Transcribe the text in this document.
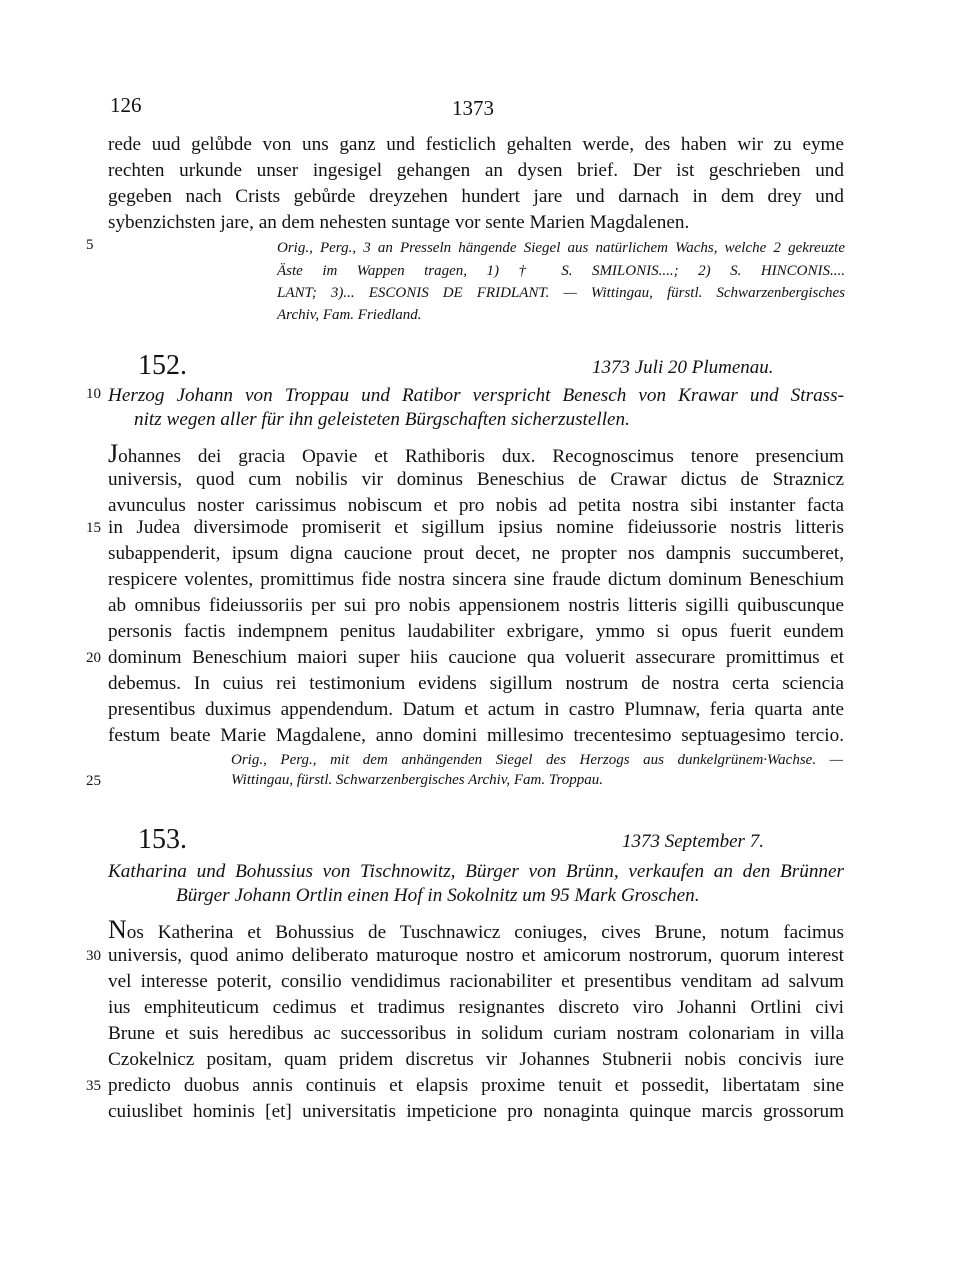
126	1373
rede uud gelůbde von uns ganz und festiclich gehalten werde, des haben wir zu eyme
rechten urkunde unser ingesigel gehangen an dysen brief. Der ist geschrieben und
gegeben nach Crists gebůrde dreyzehen hundert jare und darnach in dem drey und
sybenzichsten jare, an dem nehesten suntage vor sente Marien Magdalenen.
5	Orig., Perg., 3 an Presseln hängende Siegel aus natürlichem Wachs, welche 2 gekreuzte
Äste im Wappen tragen, 1) † S. SMILONIS....; 2) S. HINCONIS....
LANT; 3)... ESCONIS DE FRIDLANT. — Wittingau, fürstl. Schwarzenbergisches
Archiv, Fam. Friedland.
152.	1373 Juli 20 Plumenau.
10 Herzog Johann von Troppau und Ratibor verspricht Benesch von Krawar und Strass-
nitz wegen aller für ihn geleisteten Bürgschaften sicherzustellen.
Johannes dei gracia Opavie et Rathiboris dux. Recognoscimus tenore presencium
universis, quod cum nobilis vir dominus Beneschius de Crawar dictus de Straznicz
avunculus noster carissimus nobiscum et pro nobis ad petita nostra sibi instanter facta
15 in Judea diversimode promiserit et sigillum ipsius nomine fideiussorie nostris litteris
subappenderit, ipsum digna caucione prout decet, ne propter nos dampnis succumberet,
respicere volentes, promittimus fide nostra sincera sine fraude dictum dominum Beneschium
ab omnibus fideiussoriis per sui pro nobis appensionem nostris litteris sigilli quibuscunque
personis factis indempnem penitus laudabiliter exbrigare, ymmo si opus fuerit eundem
20 dominum Beneschium maiori super hiis caucione qua voluerit assecurare promittimus et
debemus. In cuius rei testimonium evidens sigillum nostrum de nostra certa sciencia
presentibus duximus appendendum. Datum et actum in castro Plumnaw, feria quarta ante
festum beate Marie Magdalene, anno domini millesimo trecentesimo septuagesimo tercio.
Orig., Perg., mit dem anhängenden Siegel des Herzogs aus dunkelgrünem·Wachse. —
25	Wittingau, fürstl. Schwarzenbergisches Archiv, Fam. Troppau.
153.	1373 September 7.
Katharina und Bohussius von Tischnowitz, Bürger von Brünn, verkaufen an den Brünner
Bürger Johann Ortlin einen Hof in Sokolnitz um 95 Mark Groschen.
Nos Katherina et Bohussius de Tuschnawicz coniuges, cives Brune, notum facimus
30 universis, quod animo deliberato maturoque nostro et amicorum nostrorum, quorum interest
vel interesse poterit, consilio vendidimus racionabiliter et presentibus venditam ad salvum
ius emphiteuticum cedimus et tradimus resignantes discreto viro Johanni Ortlini civi
Brune et suis heredibus ac successoribus in solidum curiam nostram colonariam in villa
Czokelnicz positam, quam pridem discretus vir Johannes Stubnerii nobis concivis iure
35 predicto duobus annis continuis et elapsis proxime tenuit et possedit, libertatam sine
cuiuslibet hominis [et] universitatis impeticione pro nonaginta quinque marcis grossorum
